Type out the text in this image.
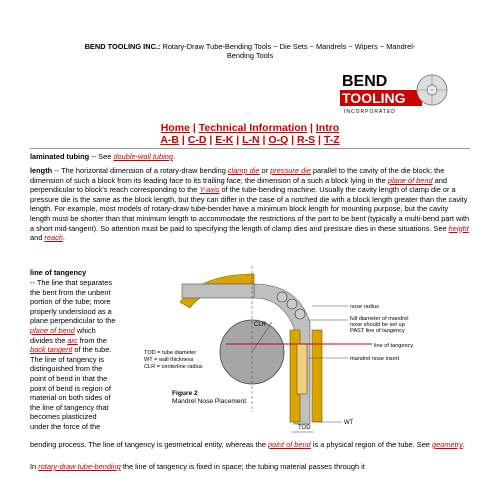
BEND TOOLING INC.: Rotary-Draw Tube-Bending Tools ~ Die Sets ~ Mandrels ~ Wipers ~ Mandrel-
Bending Tools
BEND
TOOLING
INCORPORATED
Home | Technical Information | Intro
A-B | C-D | E-K | L-N | O-Q | R-S | T-Z
laminated tubing -- See double-wall tubing.
length -- The horizontal dimension of a rotary-draw bending clamp die or pressure die parallel to the cavity of the die block; the dimension of such a block from its leading face to its trailing face; the dimension of a such a block lying in the plane of bend and perpendicular to block's reach corresponding to the Y-axis of the tube-bending machine. Usually the cavity length of clamp die or a pressure die is the same as the block length, but they can differ in the case of a notched die with a block length greater than the cavity length. For example, most models of rotary-draw tube-bender have a minimum block length for mounting purpose, but the cavity length must be shorter than that minimum length to accommodate the restrictions of the part to be bent (typically a multi-bend part with a short mid-tangent). So attention must be paid to specifying the length of clamp dies and pressure dies in these situations. See height and reach.
line of tangency
-- The line that separates the bent from the unbent portion of the tube; more properly understood as a plane perpendicular to the plane of bend which divides the arc from the back tangent of the tube. The line of tangency is distinguished from the point of bend in that the point of bend is region of material on both sides of the line of tangency that becomes plasticized under the force of the
CLR
TOD
WT
TOD = tube diameter
WT = wall thickness
CLR = centerline radius
nose radius
full diameter of mandrel
nose should be set up
PAST line of tangency
line of tangency
mandrel nose insert
Figure 2
Mandrel Nose Placement
bending process. The line of tangency is geometrical entity, whereas the point of bend is a physical region of the tube. See geometry.
In rotary-draw tube-bending the line of tangency is fixed in space; the tubing material passes through it
